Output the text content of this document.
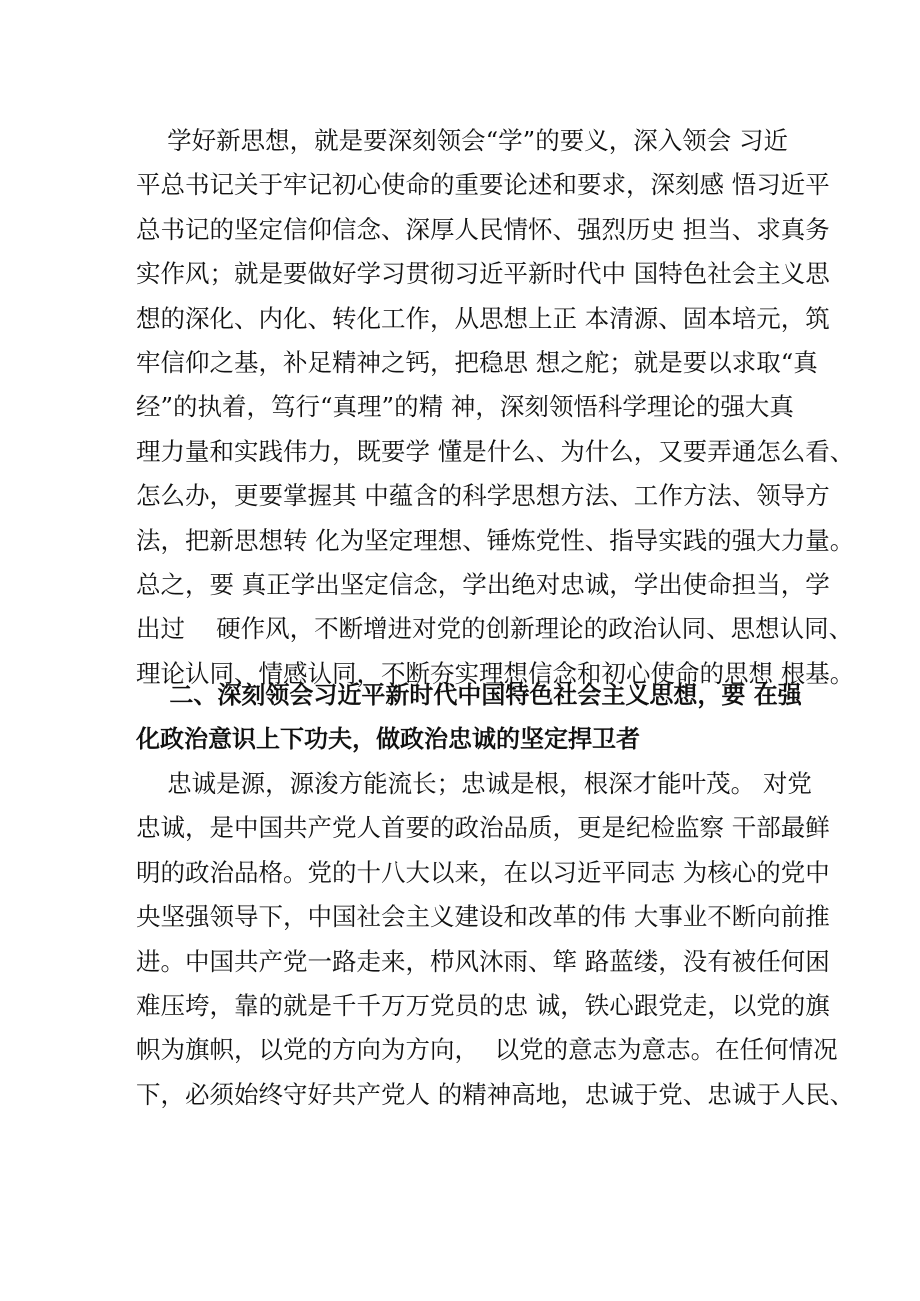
学好新思想，就是要深刻领会“学”的要义，深入领会 习近
平总书记关于牢记初心使命的重要论述和要求，深刻感 悟习近平
总书记的坚定信仰信念、深厚人民情怀、强烈历史 担当、求真务
实作风；就是要做好学习贯彻习近平新时代中 国特色社会主义思
想的深化、内化、转化工作，从思想上正 本清源、固本培元，筑
牢信仰之基，补足精神之钙，把稳思 想之舵；就是要以求取“真
经”的执着，笃行“真理”的精 神，深刻领悟科学理论的强大真
理力量和实践伟力，既要学 懂是什么、为什么，又要弄通怎么看、
怎么办，更要掌握其 中蕴含的科学思想方法、工作方法、领导方
法，把新思想转 化为坚定理想、锤炼党性、指导实践的强大力量。
总之，要 真正学出坚定信念，学出绝对忠诚，学出使命担当，学
出过    硬作风，不断增进对党的创新理论的政治认同、思想认同、
理论认同、情感认同，不断夯实理想信念和初心使命的思想 根基。
二、深刻领会习近平新时代中国特色社会主义思想，要 在强
化政治意识上下功夫，做政治忠诚的坚定捍卫者
忠诚是源，源浚方能流长；忠诚是根，根深才能叶茂。 对党
忠诚，是中国共产党人首要的政治品质，更是纪检监察 干部最鲜
明的政治品格。党的十八大以来，在以习近平同志 为核心的党中
央坚强领导下，中国社会主义建设和改革的伟 大事业不断向前推
进。中国共产党一路走来，栉风沐雨、筚 路蓝缕，没有被任何困
难压垮，靠的就是千千万万党员的忠 诚，铁心跟党走，以党的旗
帜为旗帜，以党的方向为方向，  以党的意志为意志。在任何情况
下，必须始终守好共产党人 的精神高地，忠诚于党、忠诚于人民、
